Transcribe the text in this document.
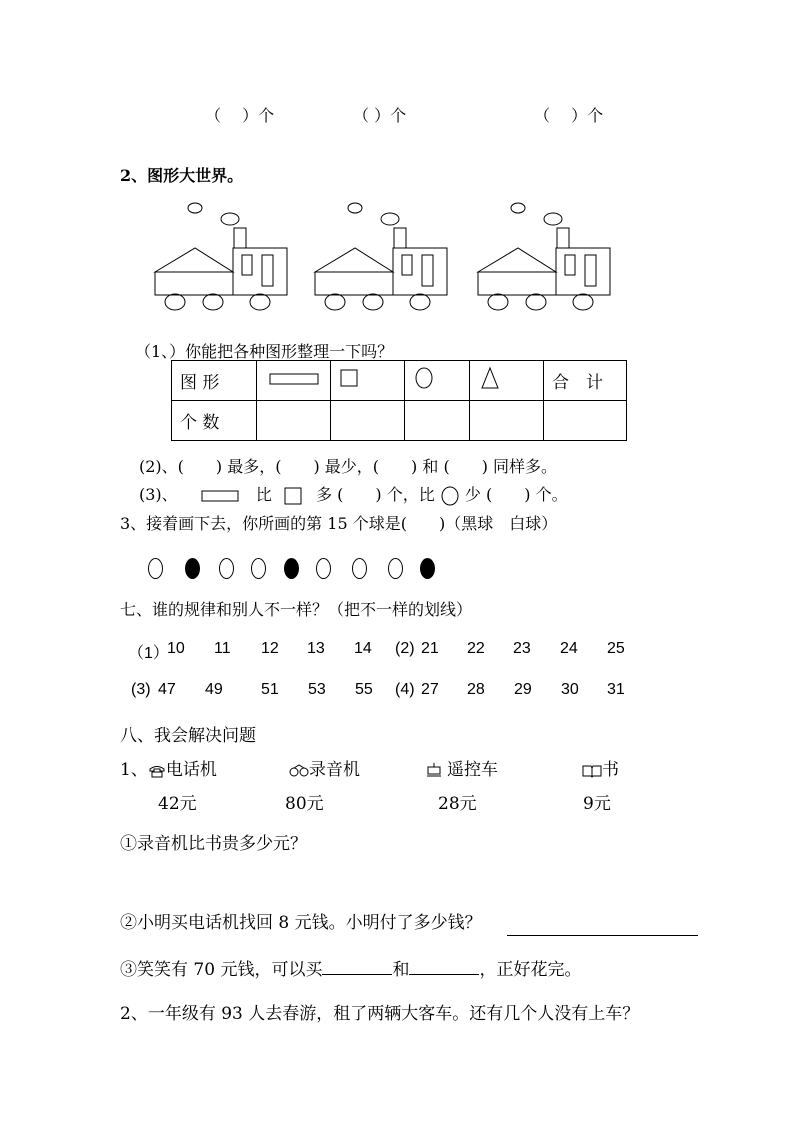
（　 ）个	（ ）个	（　 ）个
2、图形大世界。
（1、）你能把各种图形整理一下吗？
图 形					合　计
个 数					
(2)、(　　) 最多，(　　) 最少，(　　) 和 (　　) 同样多。
(3)、	比	多 (　　) 个，比 少 (　　) 个。
3、接着画下去，你所画的第 15 个球是(　　)（黑球　白球）
七、谁的规律和别人不一样？（把不一样的划线）
（1）
10 11 12 13 14 (2) 21 22 23 24 25
(3) 47 49 51 53 55 (4) 27 28 29 30 31
八、我会解决问题
1、 电话机	录音机	遥控车	书
42元	80元	28元	9元
①录音机比书贵多少元？
②小明买电话机找回 8 元钱。小明付了多少钱？
③笑笑有 70 元钱，可以买	和	，正好花完。
2、一年级有 93 人去春游，租了两辆大客车。还有几个人没有上车？
